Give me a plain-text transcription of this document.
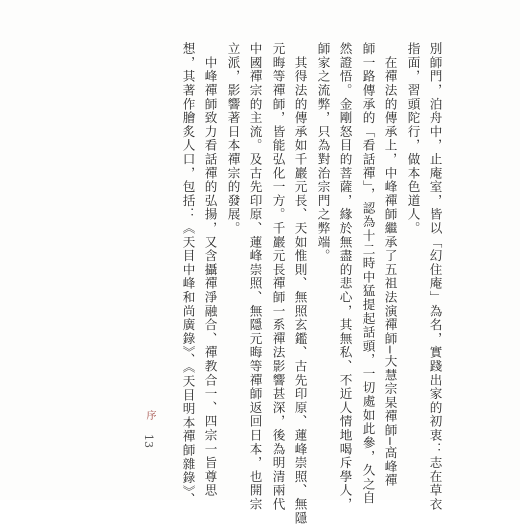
別師門，泊舟中，止庵室，皆以「幻住庵」為名，實踐出家的初衷：志在草衣
指面，習頭陀行，做本色道人。
　在禪法的傳承上，中峰禪師繼承了五祖法演禪師─大慧宗杲禪師─高峰禪
師一路傳承的「看話禪」，認為十二時中猛提起話頭，一切處如此參，久之自
然證悟。金剛怒目的菩薩，緣於無盡的悲心，其無私、不近人情地喝斥學人，
師家之流弊，只為對治宗門之弊端。
　其得法的傳承如千巖元長、天如惟則、無照玄鑑、古先印原、蓮峰崇照、無隱
元晦等禪師，皆能弘化一方。千巖元長禪師一系禪法影響甚深，後為明清兩代
中國禪宗的主流。及古先印原、蓮峰崇照、無隱元晦等禪師返回日本，也開宗
立派，影響著日本禪宗的發展。
　中峰禪師致力看話禪的弘揚，又含攝禪淨融合、禪教合一、四宗一旨尊思
想，其著作膾炙人口，包括：《天目中峰和尚廣錄》、《天目明本禪師雜錄》、
序
13
